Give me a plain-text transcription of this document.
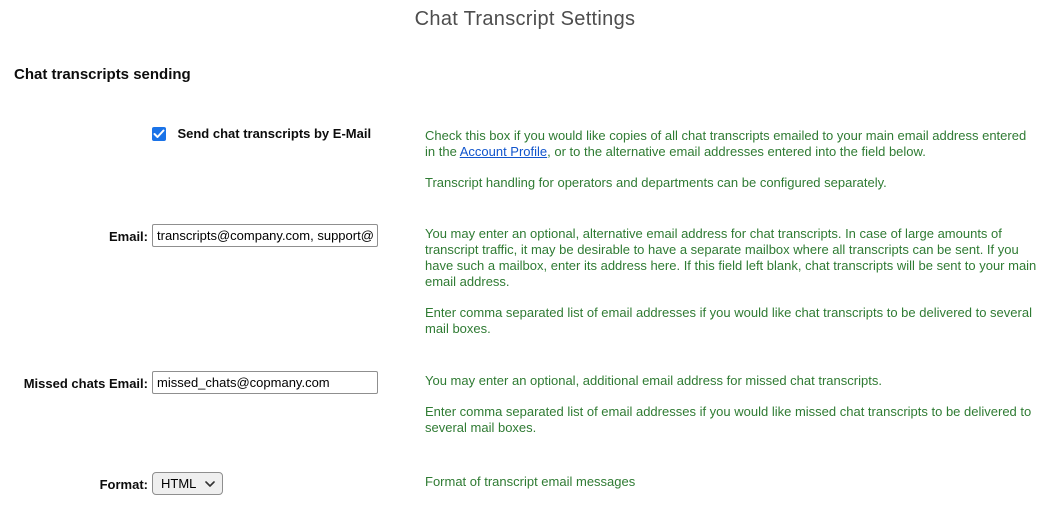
Chat Transcript Settings
Chat transcripts sending
Send chat transcripts by E-Mail	Check this box if you would like copies of all chat transcripts emailed to your main email address entered in the Account Profile, or to the alternative email addresses entered into the field below.

Transcript handling for operators and departments can be configured separately.

Email:
transcripts@company.com, support@cor	You may enter an optional, alternative email address for chat transcripts. In case of large amounts of transcript traffic, it may be desirable to have a separate mailbox where all transcripts can be sent. If you have such a mailbox, enter its address here. If this field left blank, chat transcripts will be sent to your main email address.

Enter comma separated list of email addresses if you would like chat transcripts to be delivered to several mail boxes.

Missed chats Email:
missed_chats@copmany.com	You may enter an optional, additional email address for missed chat transcripts.

Enter comma separated list of email addresses if you would like missed chat transcripts to be delivered to several mail boxes.

Format: HTML	Format of transcript email messages
